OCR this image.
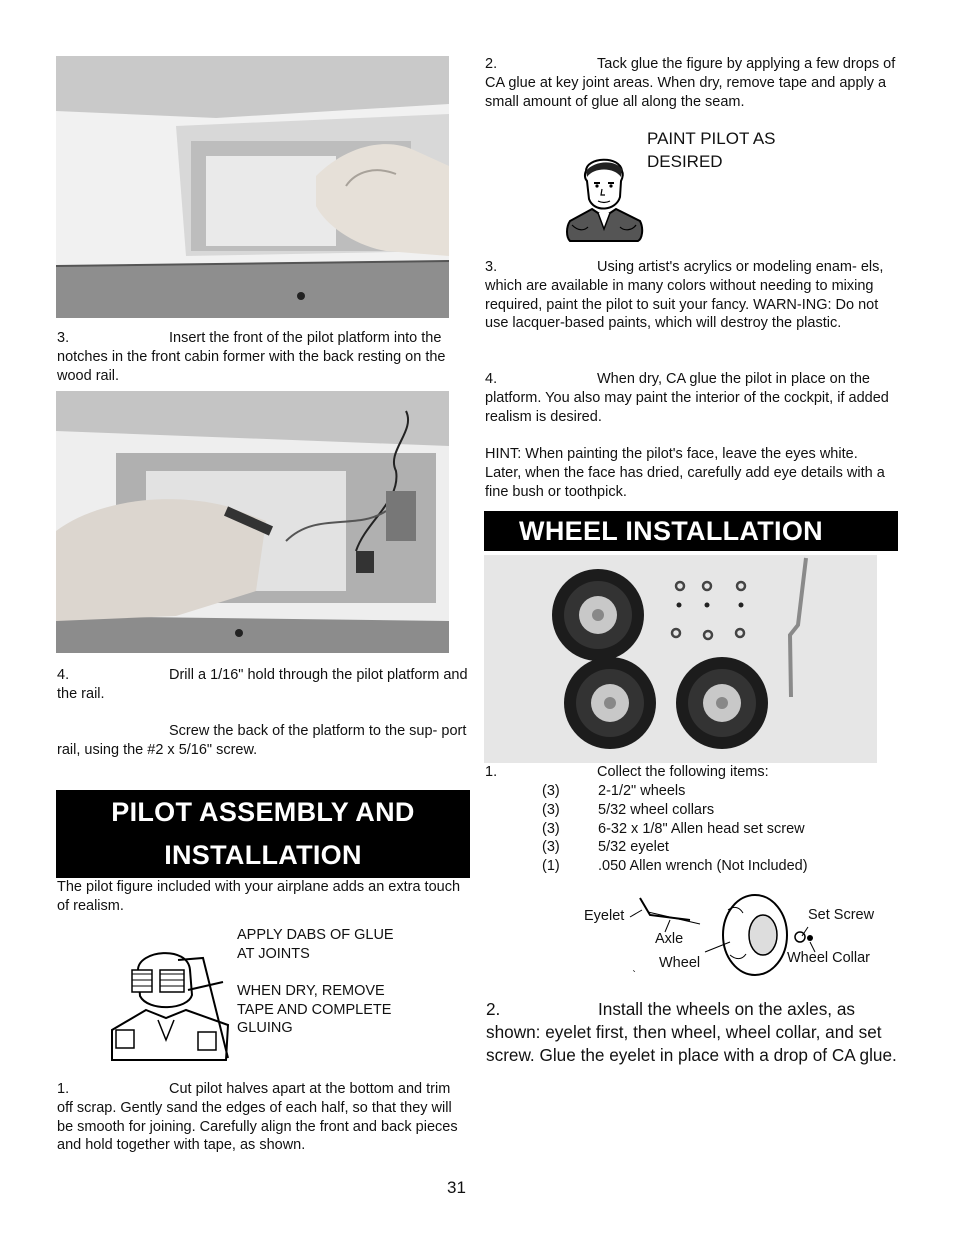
3.	Insert the front of the pilot platform into the notches in the front cabin former with the back resting on the wood rail.

4.	Drill a 1/16" hold through the pilot platform and the rail.

Screw the back of the platform to the sup- port rail, using the #2 x 5/16" screw.

PILOT ASSEMBLY AND
INSTALLATION

The pilot figure included with your airplane adds an extra touch of realism.

APPLY DABS OF GLUE
AT JOINTS
WHEN DRY, REMOVE
TAPE AND COMPLETE
GLUING

1.	Cut pilot halves apart at the bottom and trim off scrap. Gently sand the edges of each half, so that they will be smooth for joining. Carefully align the front and back pieces and hold together with tape, as shown.

2.	Tack glue the figure by applying a few drops of CA glue at key joint areas. When dry, remove tape and apply a small amount of glue all along the seam.

PAINT PILOT AS
DESIRED

3.	Using artist's acrylics or modeling enam- els, which are available in many colors without needing to mixing required, paint the pilot to suit your fancy. WARN-ING: Do not use lacquer-based paints, which will destroy the plastic.

4.	When dry, CA glue the pilot in place on the platform. You also may paint the interior of the cockpit, if added realism is desired.

HINT: When painting the pilot's face, leave the eyes white. Later, when the face has dried, carefully add eye details with a fine bush or toothpick.

WHEEL INSTALLATION

1.	Collect the following items:

(3)	2-1/2" wheels
(3)	5/32 wheel collars
(3)	6-32 x 1/8" Allen head set screw
(3)	5/32 eyelet
(1)	.050 Allen wrench (Not Included)
`
Eyelet
Axle
Wheel
Set Screw
Wheel Collar

2.	Install the wheels on the axles, as shown: eyelet first, then wheel, wheel collar, and set screw. Glue the eyelet in place with a drop of CA glue.

31
